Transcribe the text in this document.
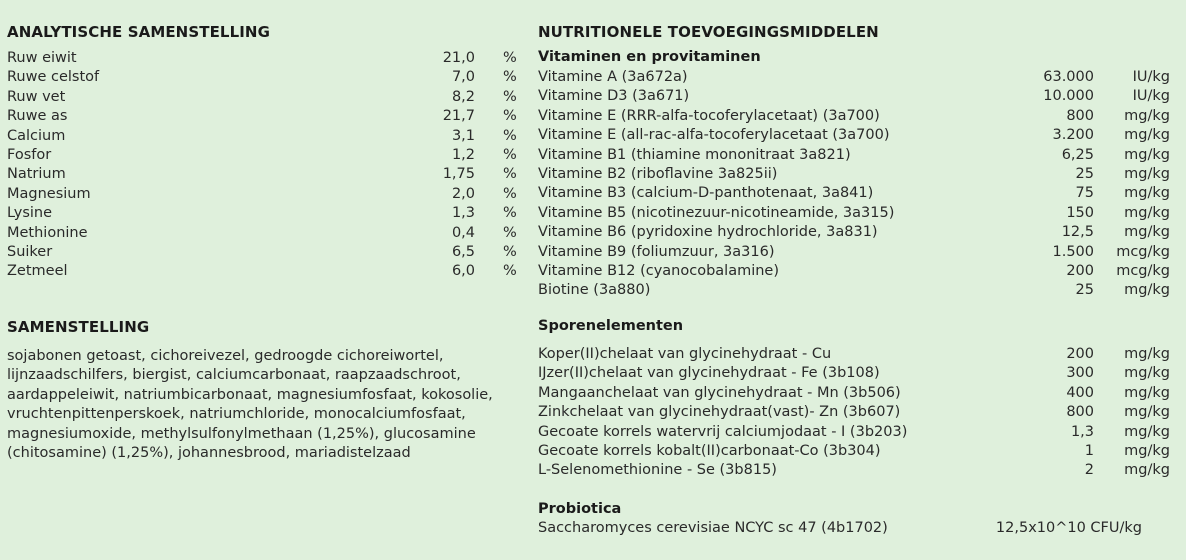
ANALYTISCHE SAMENSTELLING
Ruw eiwit	21,0 %
Ruwe celstof	7,0 %
Ruw vet	8,2 %
Ruwe as	21,7 %
Calcium	3,1 %
Fosfor	1,2 %
Natrium	1,75 %
Magnesium	2,0 %
Lysine	1,3 %
Methionine	0,4 %
Suiker	6,5 %
Zetmeel	6,0 %
SAMENSTELLING
sojabonen getoast, cichoreivezel, gedroogde cichoreiwortel, lijnzaadschilfers, biergist, calciumcarbonaat, raapzaadschroot, aardappeleiwit, natriumbicarbonaat, magnesiumfosfaat, kokosolie, vruchtenpittenperskoek, natriumchloride, monocalciumfosfaat, magnesiumoxide, methylsulfonylmethaan (1,25%), glucosamine (chitosamine) (1,25%), johannesbrood, mariadistelzaad
NUTRITIONELE TOEVOEGINGSMIDDELEN
Vitaminen en provitaminen
Vitamine A (3a672a)	63.000	IU/kg
Vitamine D3 (3a671)	10.000	IU/kg
Vitamine E (RRR-alfa-tocoferylacetaat) (3a700)	800	mg/kg
Vitamine E (all-rac-alfa-tocoferylacetaat (3a700)	3.200	mg/kg
Vitamine B1 (thiamine mononitraat 3a821)	6,25	mg/kg
Vitamine B2 (riboflavine 3a825ii)	25	mg/kg
Vitamine B3 (calcium-D-panthotenaat, 3a841)	75	mg/kg
Vitamine B5 (nicotinezuur-nicotineamide, 3a315)	150	mg/kg
Vitamine B6 (pyridoxine hydrochloride, 3a831)	12,5	mg/kg
Vitamine B9 (foliumzuur, 3a316)	1.500	mcg/kg
Vitamine B12 (cyanocobalamine)	200	mcg/kg
Biotine (3a880)	25	mg/kg
Sporenelementen
Koper(II)chelaat van glycinehydraat - Cu	200	mg/kg
IJzer(II)chelaat van glycinehydraat - Fe (3b108)	300	mg/kg
Mangaanchelaat van glycinehydraat - Mn (3b506)	400	mg/kg
Zinkchelaat van glycinehydraat(vast)- Zn (3b607)	800	mg/kg
Gecoate korrels watervrij calciumjodaat - I (3b203)	1,3	mg/kg
Gecoate korrels kobalt(II)carbonaat-Co (3b304)	1	mg/kg
L-Selenomethionine - Se (3b815)	2	mg/kg
Probiotica
Saccharomyces cerevisiae NCYC sc 47 (4b1702)	12,5x10^10 CFU/kg
